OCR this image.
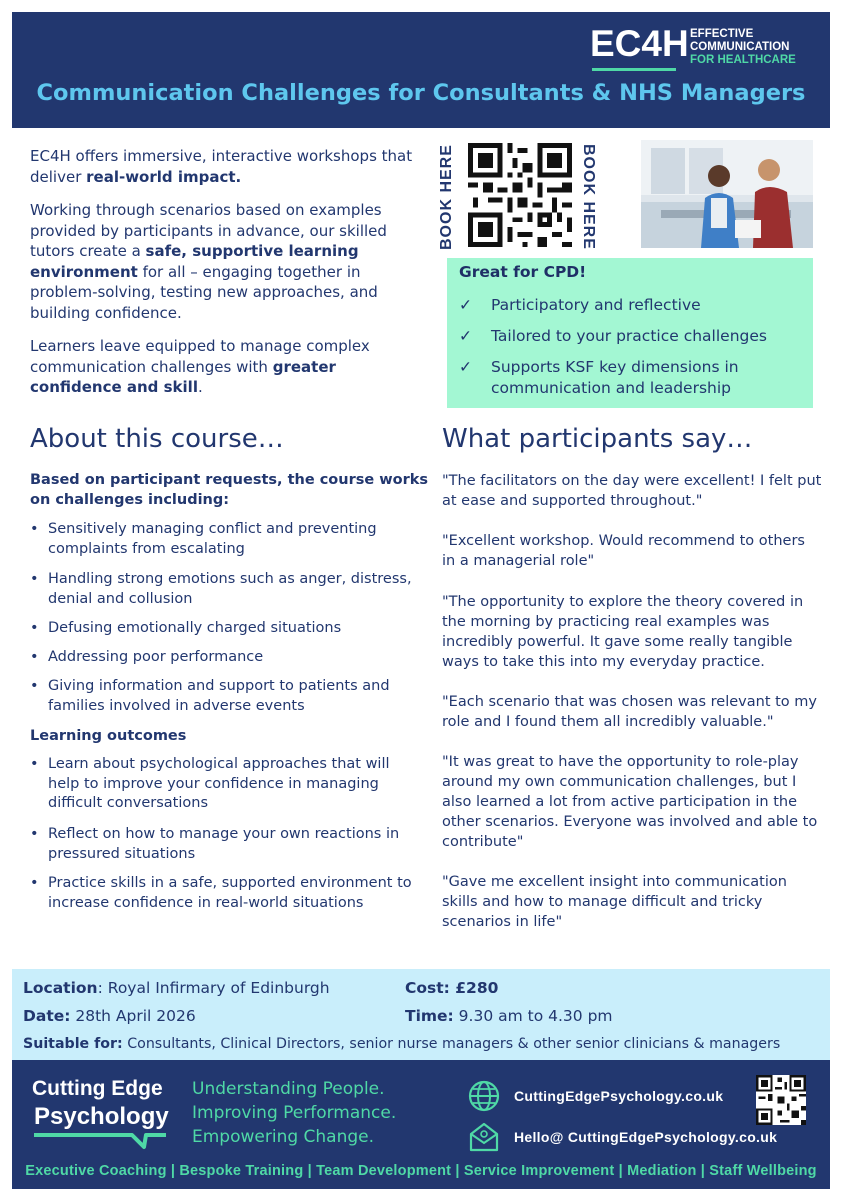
EC4H EFFECTIVE
COMMUNICATION
FOR HEALTHCARE
Communication Challenges for Consultants & NHS Managers

EC4H offers immersive, interactive workshops that deliver real-world impact.

Working through scenarios based on examples provided by participants in advance, our skilled tutors create a safe, supportive learning environment for all – engaging together in problem-solving, testing new approaches, and building confidence.

Learners leave equipped to manage complex communication challenges with greater confidence and skill.

BOOK HERE	BOOK HERE
Great for CPD!
✓ Participatory and reflective
✓ Tailored to your practice challenges
✓ Supports KSF key dimensions in communication and leadership
About this course…
Based on participant requests, the course works on challenges including:
• Sensitively managing conflict and preventing complaints from escalating
• Handling strong emotions such as anger, distress, denial and collusion
• Defusing emotionally charged situations
• Addressing poor performance
• Giving information and support to patients and families involved in adverse events
Learning outcomes
• Learn about psychological approaches that will help to improve your confidence in managing difficult conversations
• Reflect on how to manage your own reactions in pressured situations
• Practice skills in a safe, supported environment to increase confidence in real-world situations
What participants say…
"The facilitators on the day were excellent! I felt put at ease and supported throughout."
"Excellent workshop. Would recommend to others in a managerial role"
"The opportunity to explore the theory covered in the morning by practicing real examples was incredibly powerful. It gave some really tangible ways to take this into my everyday practice.
"Each scenario that was chosen was relevant to my role and I found them all incredibly valuable."
"It was great to have the opportunity to role-play around my own communication challenges, but I also learned a lot from active participation in the other scenarios. Everyone was involved and able to contribute"
"Gave me excellent insight into communication skills and how to manage difficult and tricky scenarios in life"
Location: Royal Infirmary of Edinburgh	Cost: £280
Date: 28th April 2026	Time: 9.30 am to 4.30 pm
Suitable for: Consultants, Clinical Directors, senior nurse managers & other senior clinicians & managers
Cutting Edge
Psychology
Understanding People.
Improving Performance.
Empowering Change.
CuttingEdgePsychology.co.uk
Hello@ CuttingEdgePsychology.co.uk
Executive Coaching | Bespoke Training | Team Development | Service Improvement | Mediation | Staff Wellbeing
